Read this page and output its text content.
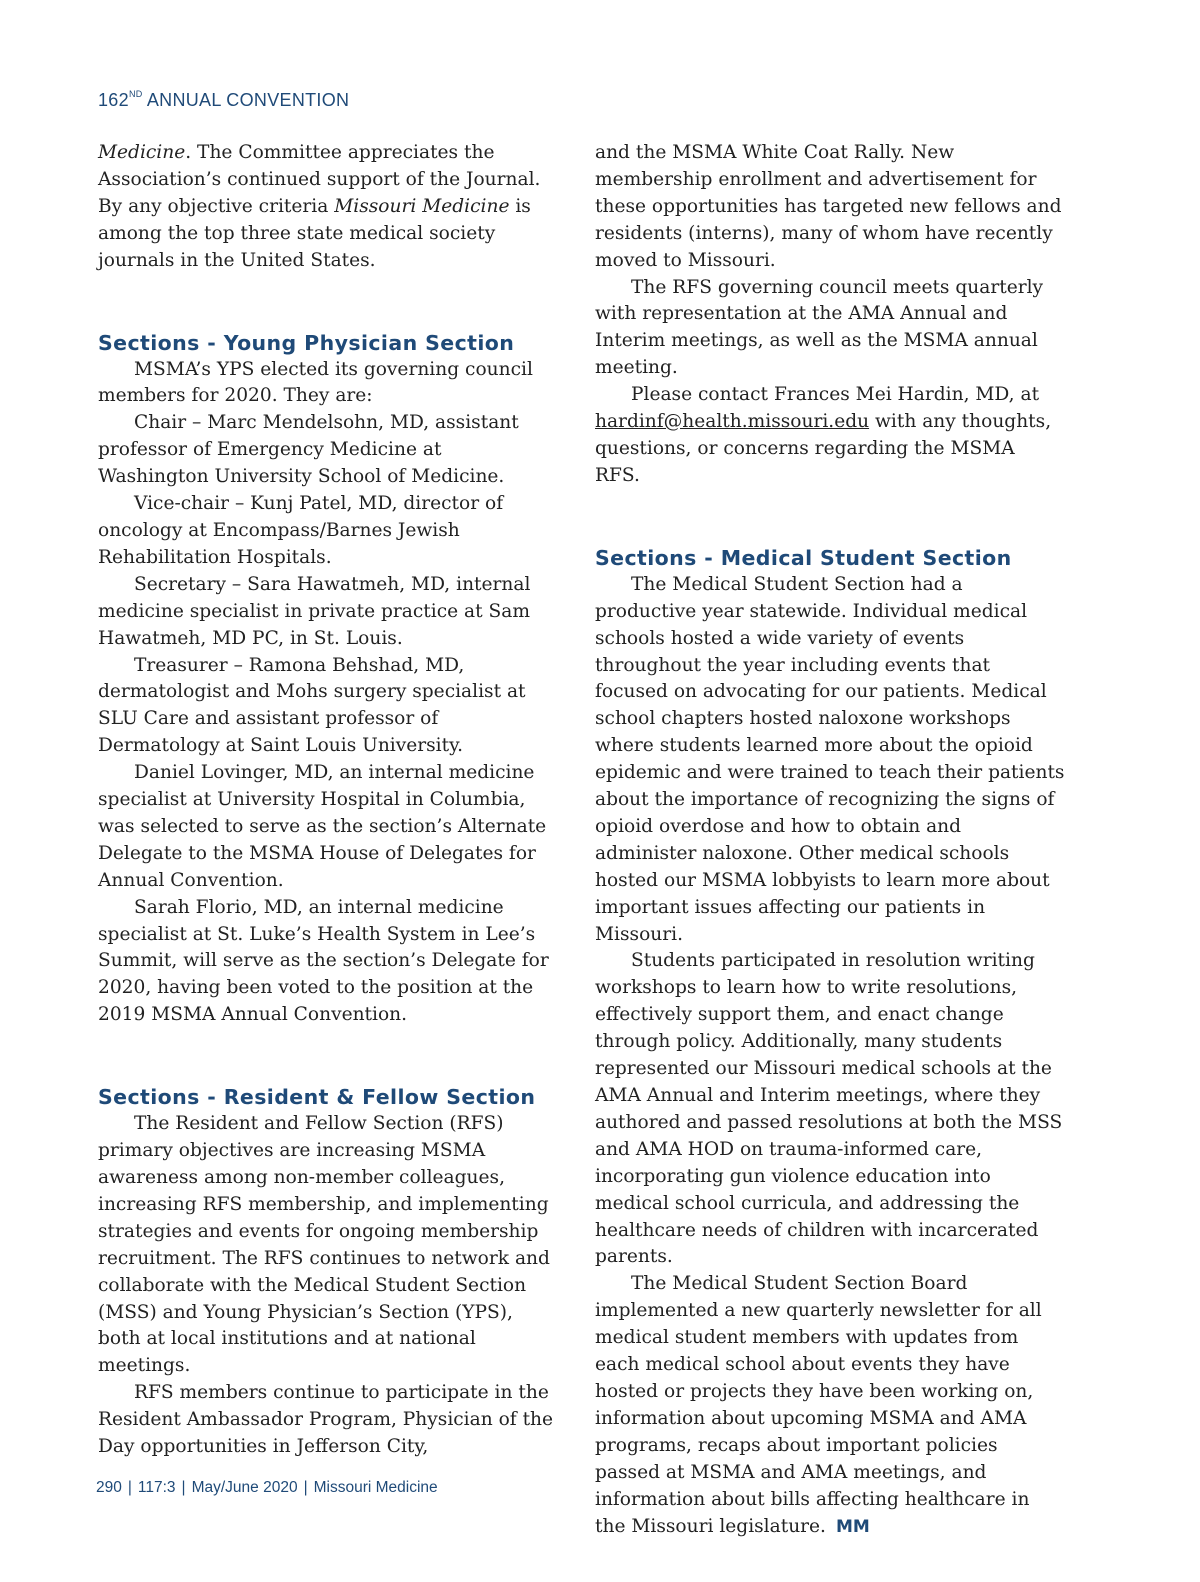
162ND ANNUAL CONVENTION

Medicine. The Committee appreciates the Association’s continued support of the Journal. By any objective criteria Missouri Medicine is among the top three state medical society journals in the United States.

Sections - Young Physician Section

MSMA’s YPS elected its governing council members for 2020. They are:

Chair – Marc Mendelsohn, MD, assistant professor of Emergency Medicine at Washington University School of Medicine.

Vice-chair – Kunj Patel, MD, director of oncology at Encompass/Barnes Jewish Rehabilitation Hospitals.

Secretary – Sara Hawatmeh, MD, internal medicine specialist in private practice at Sam Hawatmeh, MD PC, in St. Louis.

Treasurer – Ramona Behshad, MD, dermatologist and Mohs surgery specialist at SLU Care and assistant professor of Dermatology at Saint Louis University.

Daniel Lovinger, MD, an internal medicine specialist at University Hospital in Columbia, was selected to serve as the section’s Alternate Delegate to the MSMA House of Delegates for Annual Convention.

Sarah Florio, MD, an internal medicine specialist at St. Luke’s Health System in Lee’s Summit, will serve as the section’s Delegate for 2020, having been voted to the position at the 2019 MSMA Annual Convention.

Sections - Resident & Fellow Section

The Resident and Fellow Section (RFS) primary objectives are increasing MSMA awareness among non-member colleagues, increasing RFS membership, and implementing strategies and events for ongoing membership recruitment. The RFS continues to network and collaborate with the Medical Student Section (MSS) and Young Physician’s Section (YPS), both at local institutions and at national meetings.

RFS members continue to participate in the Resident Ambassador Program, Physician of the Day opportunities in Jefferson City,

and the MSMA White Coat Rally. New membership enrollment and advertisement for these opportunities has targeted new fellows and residents (interns), many of whom have recently moved to Missouri.

The RFS governing council meets quarterly with representation at the AMA Annual and Interim meetings, as well as the MSMA annual meeting.

Please contact Frances Mei Hardin, MD, at hardinf@health.missouri.edu with any thoughts, questions, or concerns regarding the MSMA RFS.

Sections - Medical Student Section

The Medical Student Section had a productive year statewide. Individual medical schools hosted a wide variety of events throughout the year including events that focused on advocating for our patients. Medical school chapters hosted naloxone workshops where students learned more about the opioid epidemic and were trained to teach their patients about the importance of recognizing the signs of opioid overdose and how to obtain and administer naloxone. Other medical schools hosted our MSMA lobbyists to learn more about important issues affecting our patients in Missouri.

Students participated in resolution writing workshops to learn how to write resolutions, effectively support them, and enact change through policy. Additionally, many students represented our Missouri medical schools at the AMA Annual and Interim meetings, where they authored and passed resolutions at both the MSS and AMA HOD on trauma-informed care, incorporating gun violence education into medical school curricula, and addressing the healthcare needs of children with incarcerated parents.

The Medical Student Section Board implemented a new quarterly newsletter for all medical student members with updates from each medical school about events they have hosted or projects they have been working on, information about upcoming MSMA and AMA programs, recaps about important policies passed at MSMA and AMA meetings, and information about bills affecting healthcare in the Missouri legislature. MM

290 | 117:3 | May/June 2020 | Missouri Medicine
